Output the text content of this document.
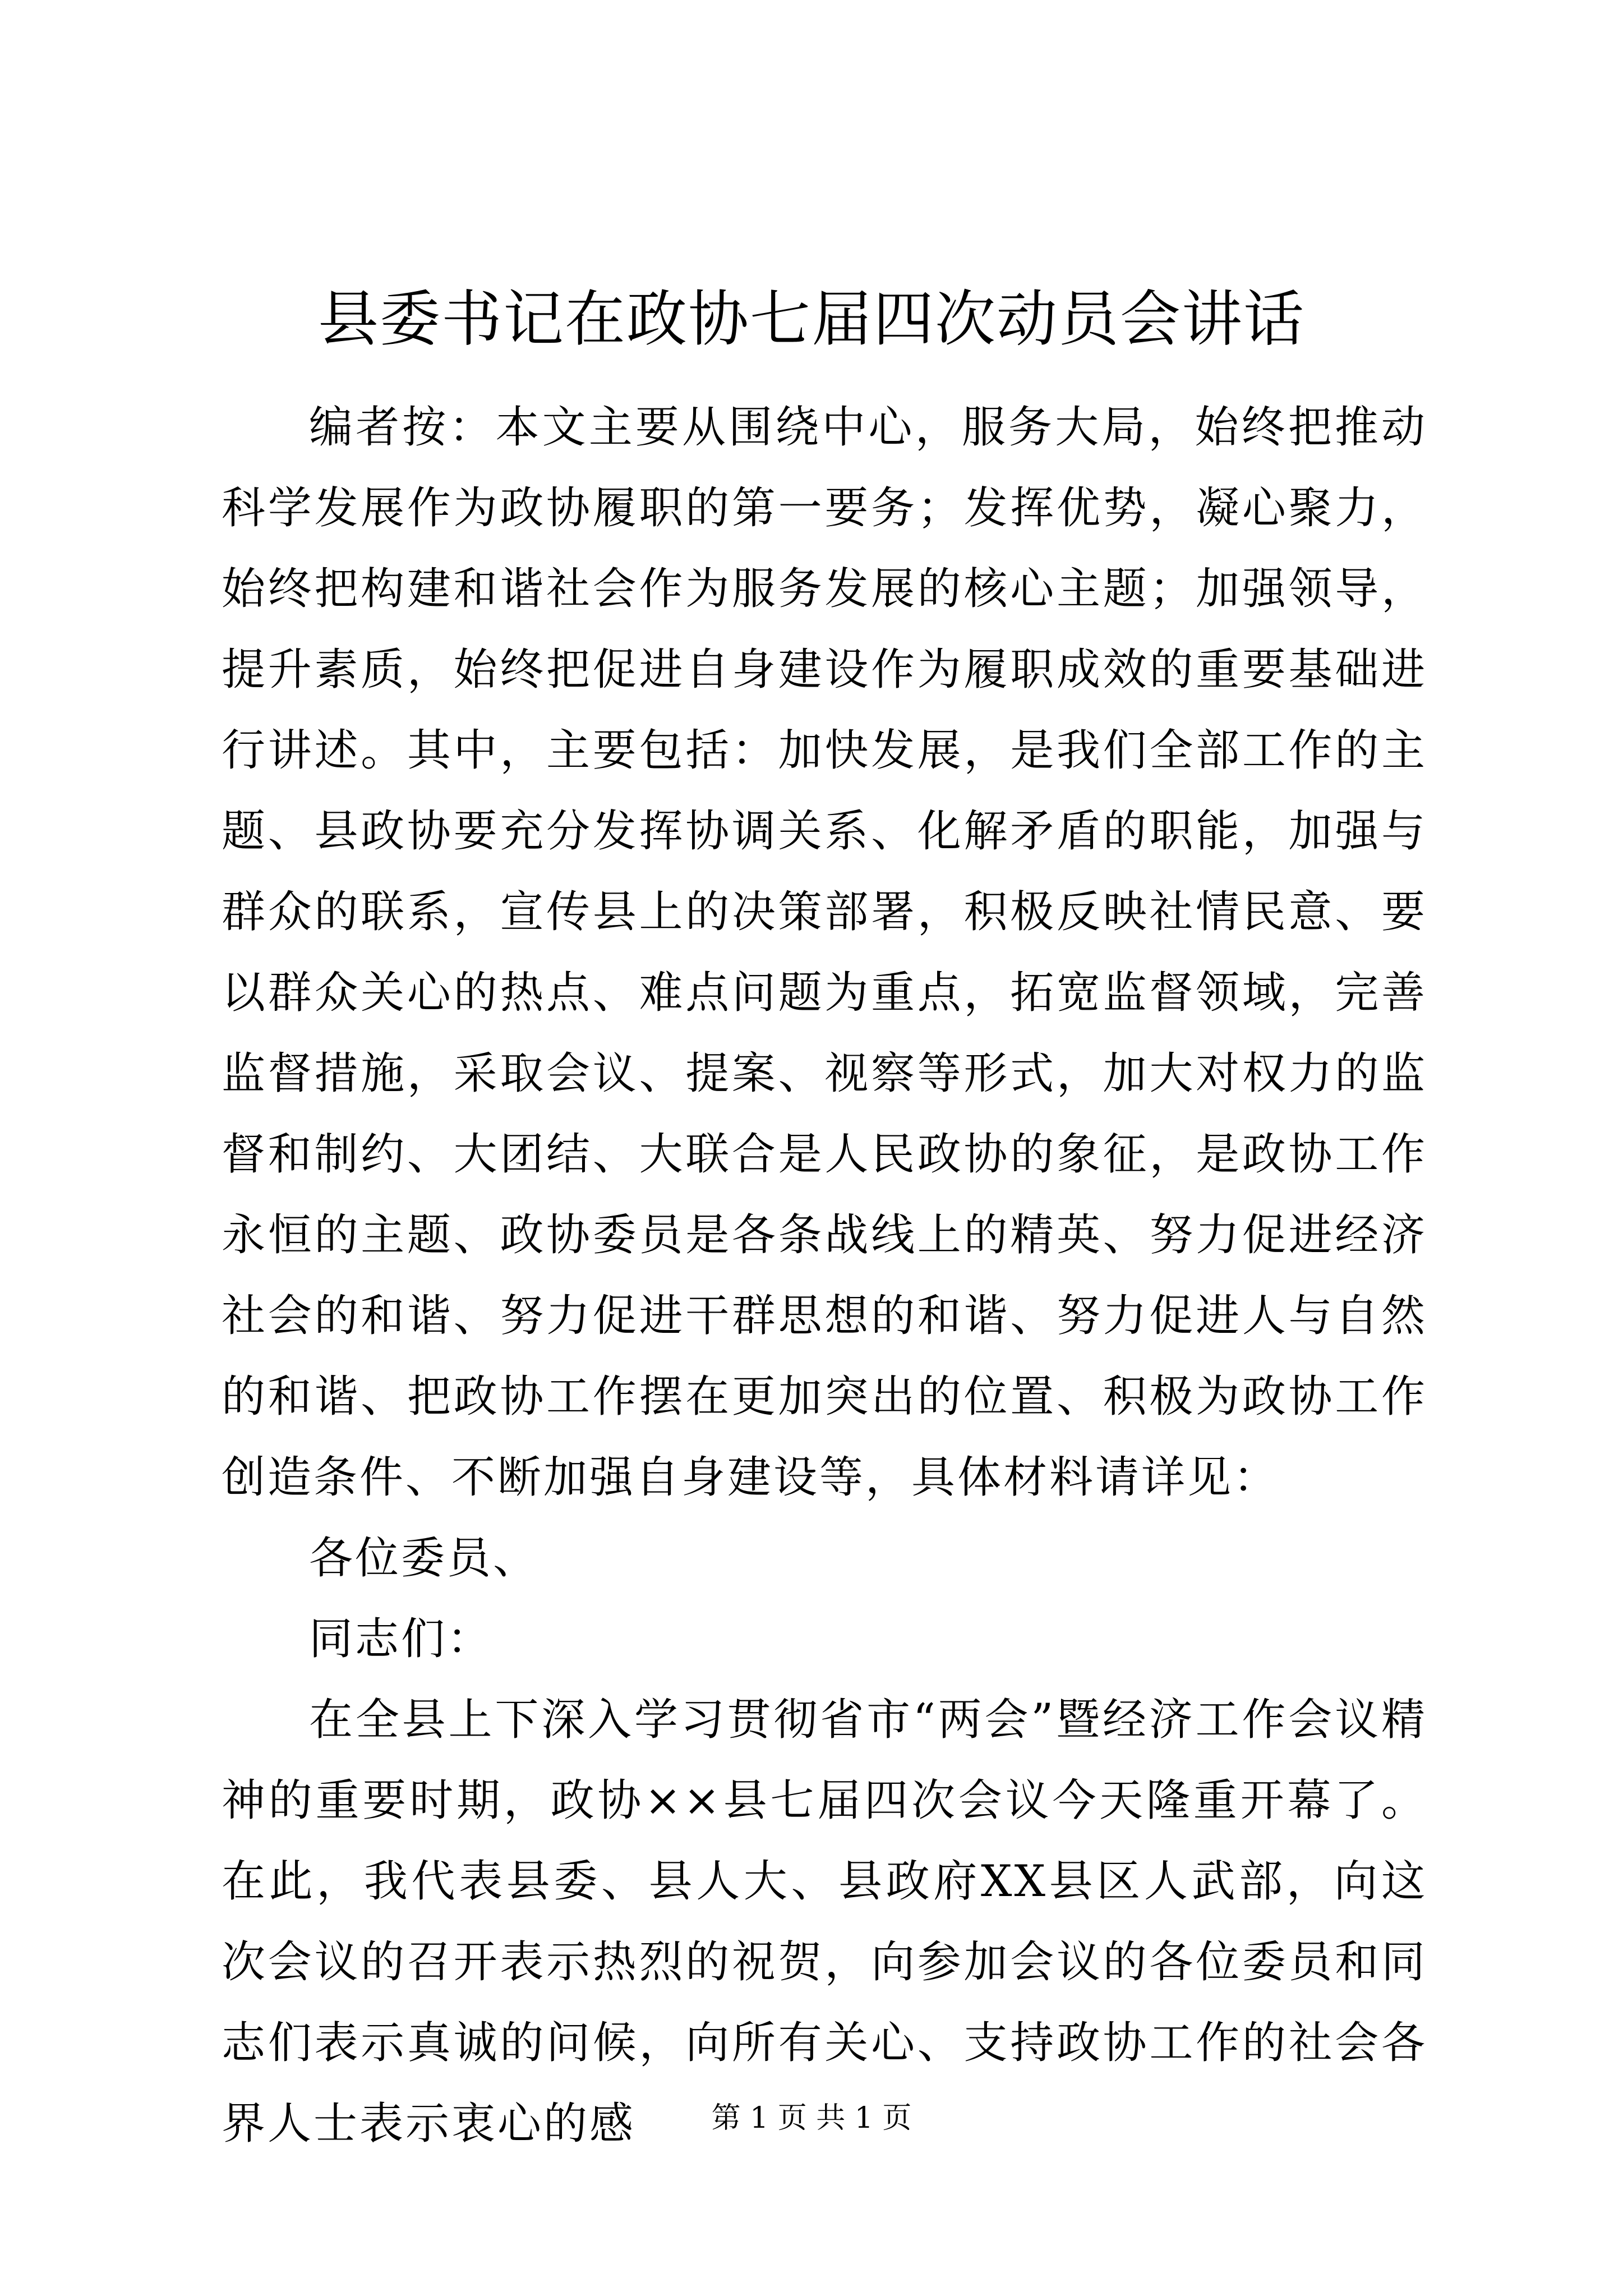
县委书记在政协七届四次动员会讲话

编者按：本文主要从围绕中心，服务大局，始终把推动科学发展作为政协履职的第一要务；发挥优势，凝心聚力，始终把构建和谐社会作为服务发展的核心主题；加强领导，提升素质，始终把促进自身建设作为履职成效的重要基础进行讲述。其中，主要包括：加快发展，是我们全部工作的主题、县政协要充分发挥协调关系、化解矛盾的职能，加强与群众的联系，宣传县上的决策部署，积极反映社情民意、要以群众关心的热点、难点问题为重点，拓宽监督领域，完善监督措施，采取会议、提案、视察等形式，加大对权力的监督和制约、大团结、大联合是人民政协的象征，是政协工作永恒的主题、政协委员是各条战线上的精英、努力促进经济社会的和谐、努力促进干群思想的和谐、努力促进人与自然的和谐、把政协工作摆在更加突出的位置、积极为政协工作创造条件、不断加强自身建设等，具体材料请详见：

各位委员、

同志们：

在全县上下深入学习贯彻省市“两会”暨经济工作会议精神的重要时期，政协××县七届四次会议今天隆重开幕了。在此，我代表县委、县人大、县政府XX县区人武部，向这次会议的召开表示热烈的祝贺，向参加会议的各位委员和同志们表示真诚的问候，向所有关心、支持政协工作的社会各界人士表示衷心的感	第 1 页 共 1 页
